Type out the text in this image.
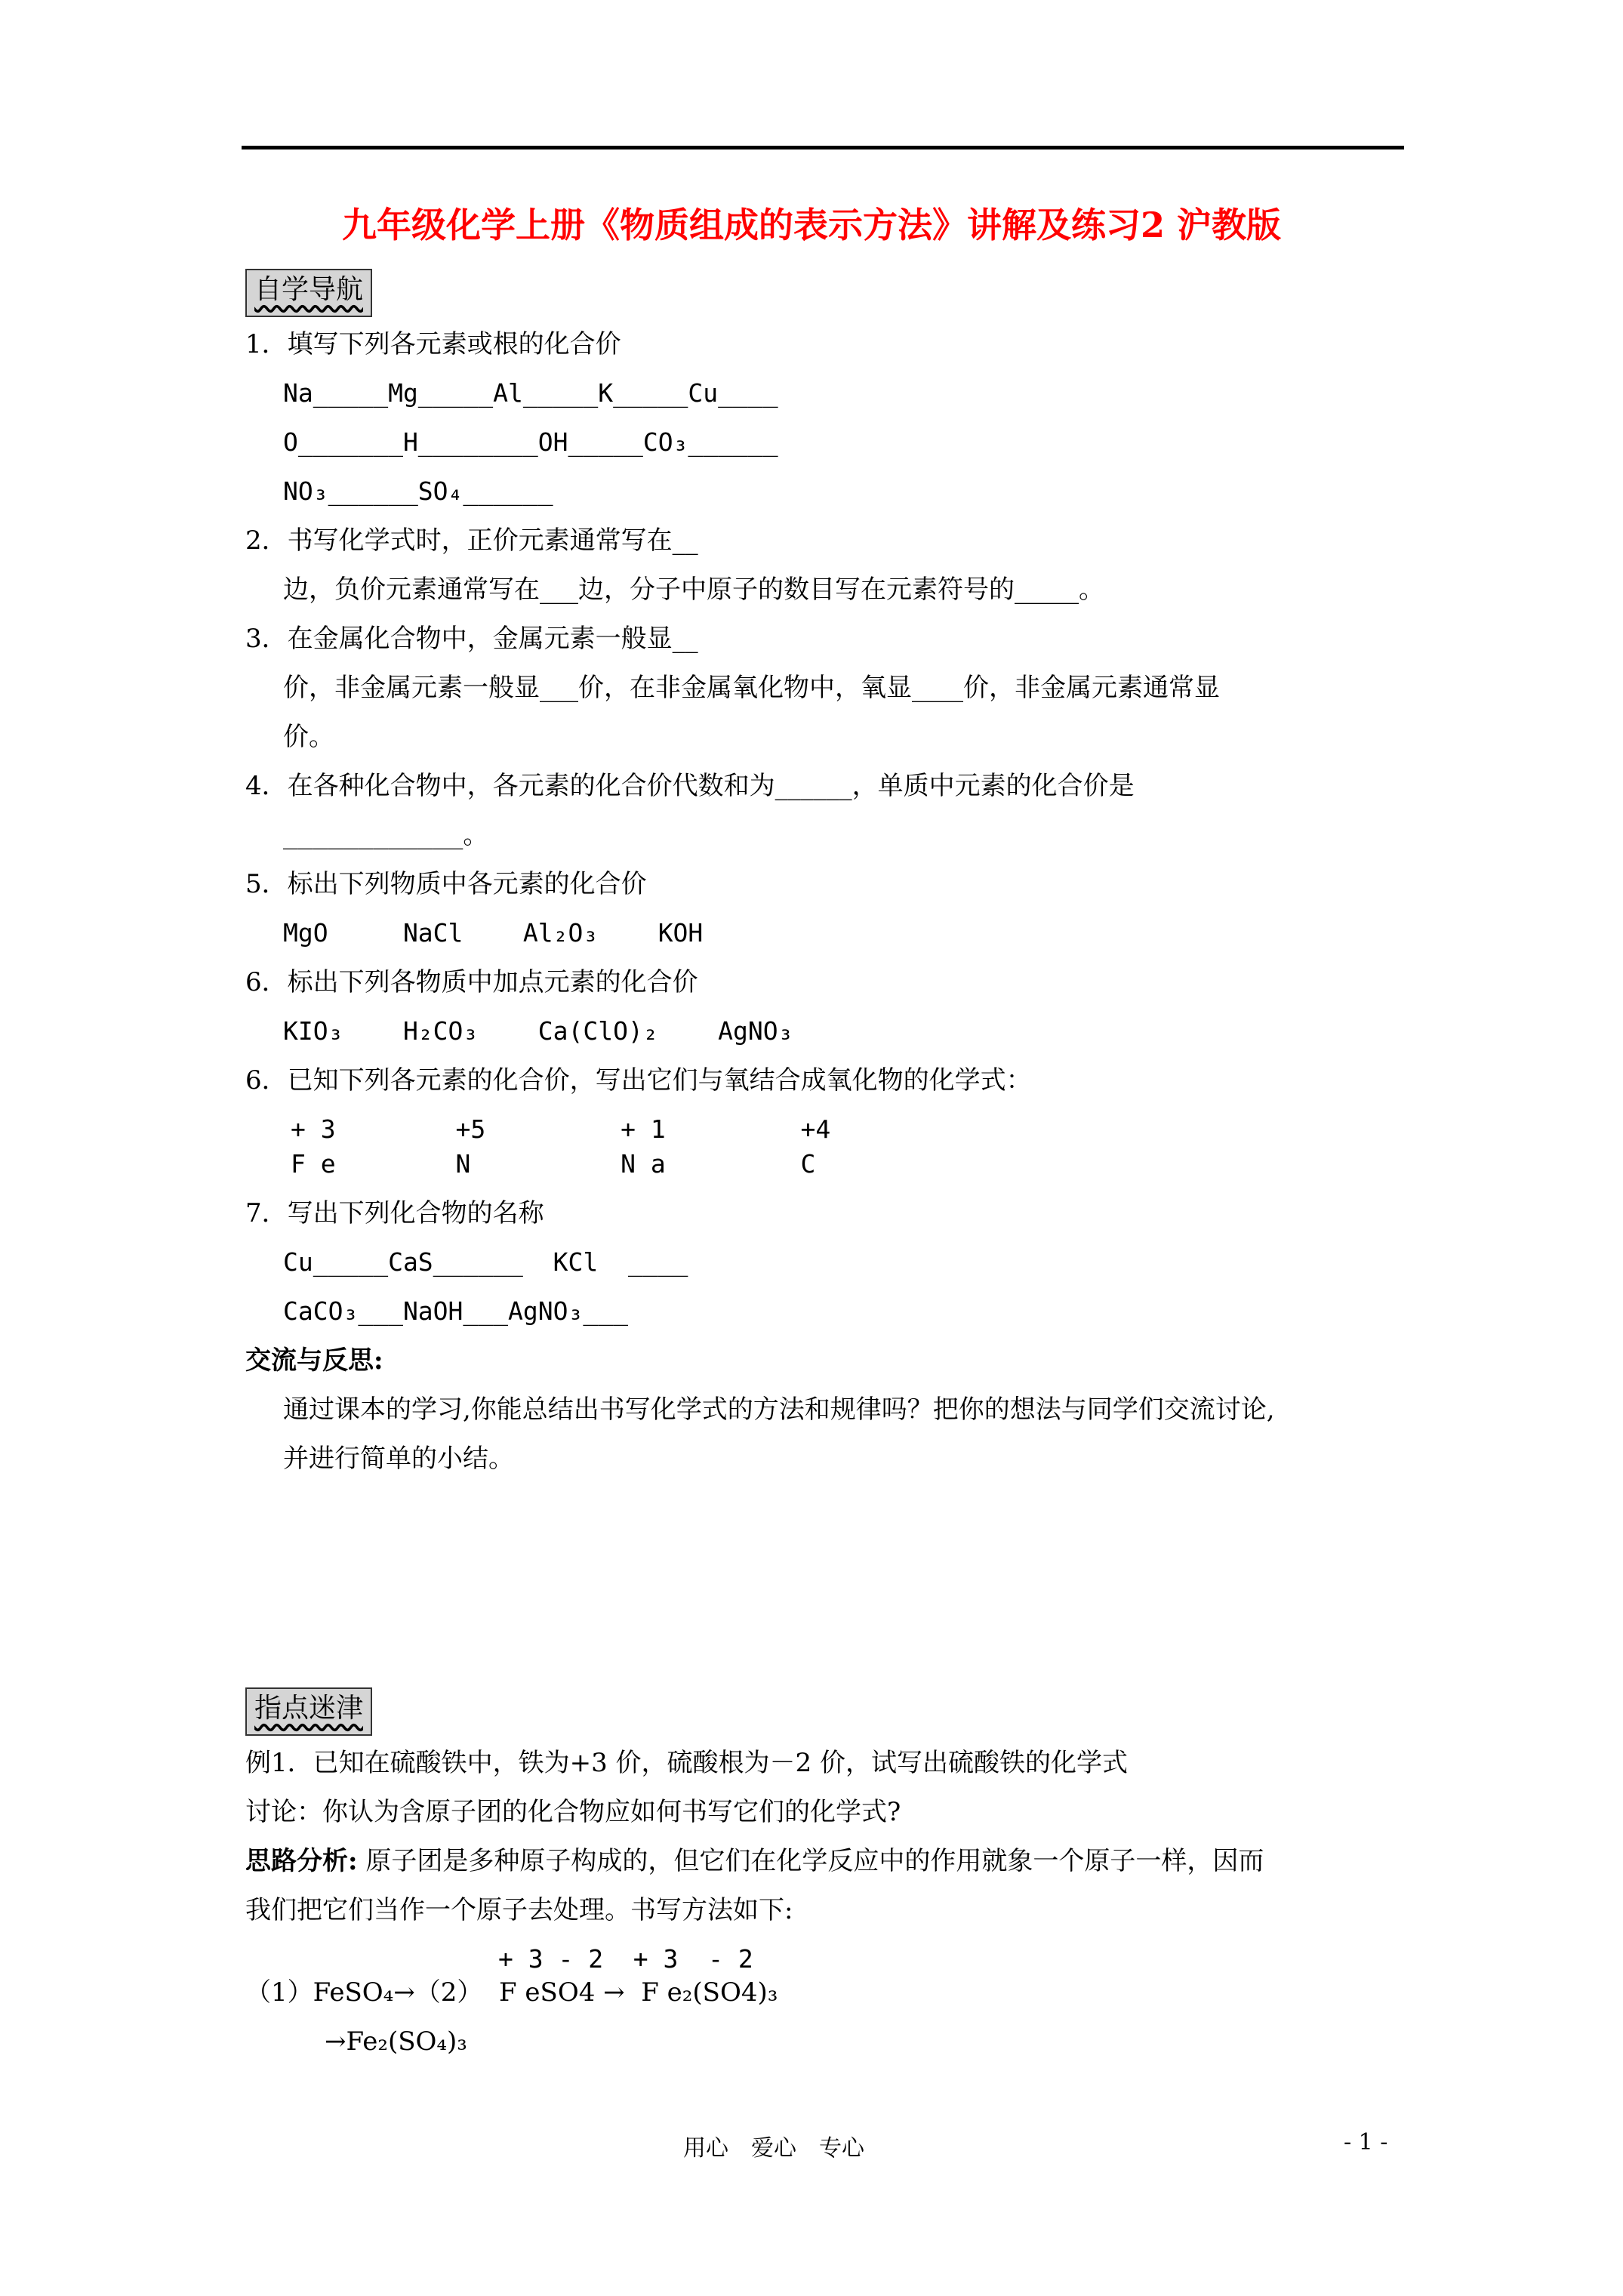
九年级化学上册《物质组成的表示方法》讲解及练习2 沪教版
自学导航
1．填写下列各元素或根的化合价
Na_____Mg_____Al_____K_____Cu____
O_______H________OH_____CO₃______
NO₃______SO₄______
2．书写化学式时，正价元素通常写在__
边，负价元素通常写在___边，分子中原子的数目写在元素符号的_____。
3．在金属化合物中，金属元素一般显__
价，非金属元素一般显___价，在非金属氧化物中，氧显____价，非金属元素通常显
价。
4．在各种化合物中，各元素的化合价代数和为______，单质中元素的化合价是
____________。
5．标出下列物质中各元素的化合价
MgO     NaCl    Al₂O₃    KOH
6．标出下列各物质中加点元素的化合价
KIO₃    H₂CO₃    Ca(ClO)₂    AgNO₃
6．已知下列各元素的化合价，写出它们与氧结合成氧化物的化学式：
+ 3        +5         + 1         +4
F e        N          N a         C
7．写出下列化合物的名称
Cu_____CaS______  KCl  ____
CaCO₃___NaOH___AgNO₃___
交流与反思:
通过课本的学习,你能总结出书写化学式的方法和规律吗？把你的想法与同学们交流讨论,
并进行简单的小结。
指点迷津
例1．已知在硫酸铁中，铁为+3 价，硫酸根为－2 价，试写出硫酸铁的化学式
讨论：你认为含原子团的化合物应如何书写它们的化学式?
思路分析: 原子团是多种原子构成的，但它们在化学反应中的作用就象一个原子一样，因而
我们把它们当作一个原子去处理。书写方法如下:
+ 3 - 2  + 3  - 2
（1）FeSO₄→（2）  F eSO4 →  F e₂(SO4)₃
→Fe₂(SO₄)₃
用心　爱心　专心	- 1 -
